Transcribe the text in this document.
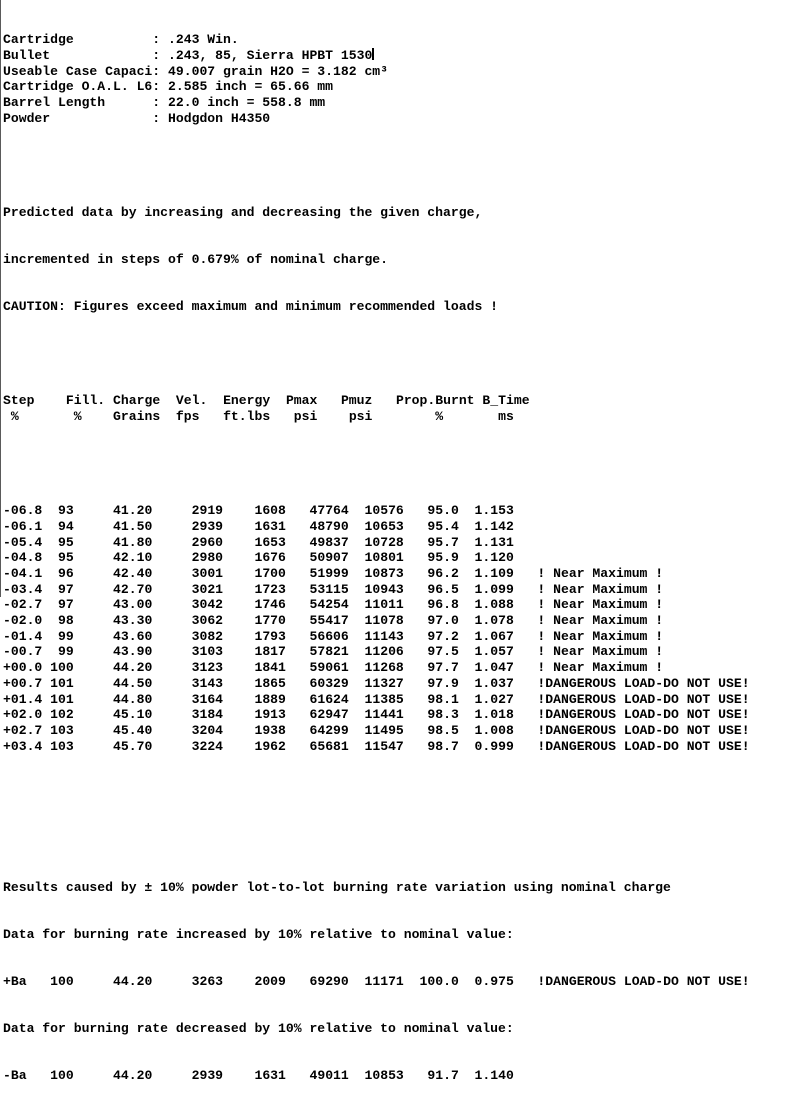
Cartridge          : .243 Win.
Bullet             : .243, 85, Sierra HPBT 1530
Useable Case Capaci: 49.007 grain H2O = 3.182 cm³
Cartridge O.A.L. L6: 2.585 inch = 65.66 mm
Barrel Length      : 22.0 inch = 558.8 mm
Powder             : Hodgdon H4350

Predicted data by increasing and decreasing the given charge,

incremented in steps of 0.679% of nominal charge.

CAUTION: Figures exceed maximum and minimum recommended loads !

Step Fill. Charge Vel. Energy Pmax Pmuz Prop.Burnt B_Time
%	% Grains fps ft.lbs psi psi	%	ms

-06.8  93     41.20     2919    1608   47764  10576   95.0  1.153
-06.1  94     41.50     2939    1631   48790  10653   95.4  1.142
-05.4  95     41.80     2960    1653   49837  10728   95.7  1.131
-04.8  95     42.10     2980    1676   50907  10801   95.9  1.120
-04.1  96     42.40     3001    1700   51999  10873   96.2  1.109 ! Near Maximum !
-03.4  97     42.70     3021    1723   53115  10943   96.5  1.099 ! Near Maximum !
-02.7  97     43.00     3042    1746   54254  11011   96.8  1.088 ! Near Maximum !
-02.0  98     43.30     3062    1770   55417  11078   97.0  1.078 ! Near Maximum !
-01.4  99     43.60     3082    1793   56606  11143   97.2  1.067 ! Near Maximum !
-00.7  99     43.90     3103    1817   57821  11206   97.5  1.057 ! Near Maximum !
+00.0 100     44.20     3123    1841   59061  11268   97.7  1.047 ! Near Maximum !
+00.7 101     44.50     3143    1865   60329  11327   97.9  1.037 !DANGEROUS LOAD-DO NOT USE!
+01.4 101     44.80     3164    1889   61624  11385   98.1  1.027 !DANGEROUS LOAD-DO NOT USE!
+02.0 102     45.10     3184    1913   62947  11441   98.3  1.018 !DANGEROUS LOAD-DO NOT USE!
+02.7 103     45.40     3204    1938   64299  11495   98.5  1.008 !DANGEROUS LOAD-DO NOT USE!
+03.4 103     45.70     3224    1962   65681  11547   98.7  0.999 !DANGEROUS LOAD-DO NOT USE!

Results caused by ± 10% powder lot-to-lot burning rate variation using nominal charge

Data for burning rate increased by 10% relative to nominal value:

+Ba   100     44.20     3263    2009   69290  11171  100.0  0.975 !DANGEROUS LOAD-DO NOT USE!

Data for burning rate decreased by 10% relative to nominal value:

-Ba   100     44.20     2939    1631   49011  10853   91.7  1.140
